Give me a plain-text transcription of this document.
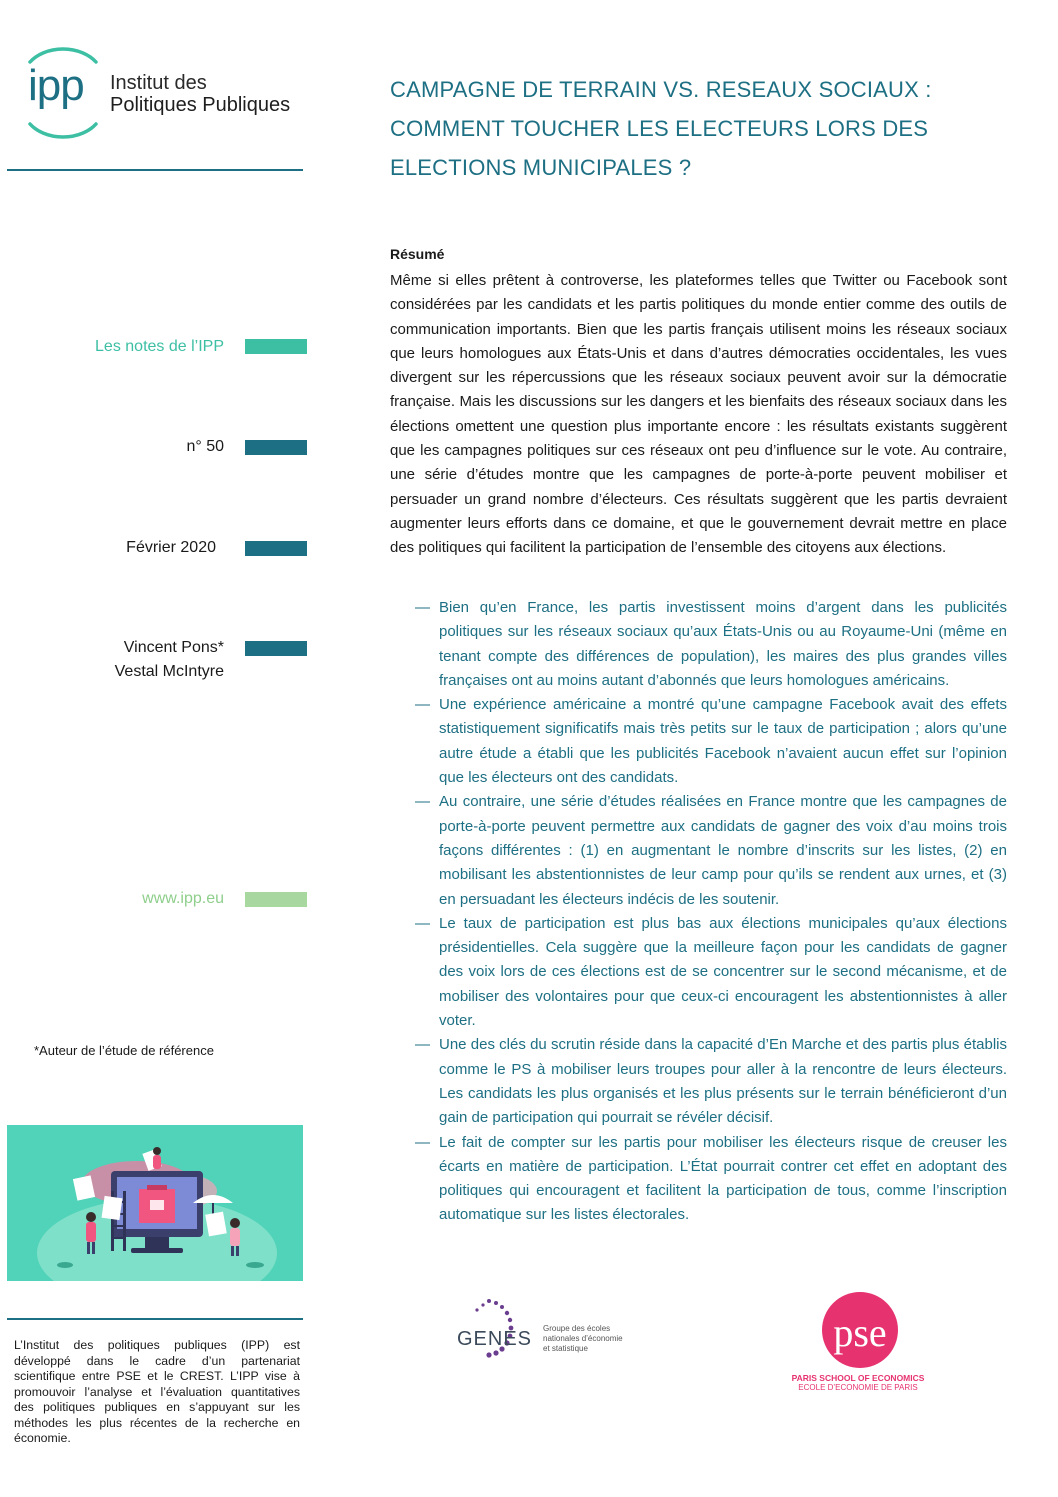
ipp Institut des
Politiques Publiques
CAMPAGNE DE TERRAIN VS. RESEAUX SOCIAUX :
COMMENT TOUCHER LES ELECTEURS LORS DES
ELECTIONS MUNICIPALES ?
Les notes de l’IPP
n° 50
Février 2020
Vincent Pons*
Vestal McIntyre
www.ipp.eu
*Auteur de l’étude de référence
L’Institut des politiques publiques (IPP) est développé dans le cadre d’un partenariat scientifique entre PSE et le CREST. L’IPP vise à promouvoir l’analyse et l’évaluation quantitatives des politiques publiques en s’appuyant sur les méthodes les plus récentes de la recherche en économie.
Résumé
Même si elles prêtent à controverse, les plateformes telles que Twitter ou Facebook sont considérées par les candidats et les partis politiques du monde entier comme des outils de communication importants. Bien que les partis français utilisent moins les réseaux sociaux que leurs homologues aux États-Unis et dans d’autres démocraties occidentales, les vues divergent sur les répercussions que les réseaux sociaux peuvent avoir sur la démocratie française. Mais les discussions sur les dangers et les bienfaits des réseaux sociaux dans les élections omettent une question plus importante encore : les résultats existants suggèrent que les campagnes politiques sur ces réseaux ont peu d’influence sur le vote. Au contraire, une série d’études montre que les campagnes de porte-à-porte peuvent mobiliser et persuader un grand nombre d’électeurs. Ces résultats suggèrent que les partis devraient augmenter leurs efforts dans ce domaine, et que le gouvernement devrait mettre en place des politiques qui facilitent la participation de l’ensemble des citoyens aux élections.
— Bien qu’en France, les partis investissent moins d’argent dans les publicités politiques sur les réseaux sociaux qu’aux États-Unis ou au Royaume-Uni (même en tenant compte des différences de population), les maires des plus grandes villes françaises ont au moins autant d’abonnés que leurs homologues américains.
— Une expérience américaine a montré qu’une campagne Facebook avait des effets statistiquement significatifs mais très petits sur le taux de participation ; alors qu’une autre étude a établi que les publicités Facebook n’avaient aucun effet sur l’opinion que les électeurs ont des candidats.
— Au contraire, une série d’études réalisées en France montre que les campagnes de porte-à-porte peuvent permettre aux candidats de gagner des voix d’au moins trois façons différentes : (1) en augmentant le nombre d’inscrits sur les listes, (2) en mobilisant les abstentionnistes de leur camp pour qu’ils se rendent aux urnes, et (3) en persuadant les électeurs indécis de les soutenir.
— Le taux de participation est plus bas aux élections municipales qu’aux élections présidentielles. Cela suggère que la meilleure façon pour les candidats de gagner des voix lors de ces élections est de se concentrer sur le second mécanisme, et de mobiliser des volontaires pour que ceux-ci encouragent les abstentionnistes à aller voter.
— Une des clés du scrutin réside dans la capacité d’En Marche et des partis plus établis comme le PS à mobiliser leurs troupes pour aller à la rencontre de leurs électeurs. Les candidats les plus organisés et les plus présents sur le terrain bénéficieront d’un gain de participation qui pourrait se révéler décisif.
— Le fait de compter sur les partis pour mobiliser les électeurs risque de creuser les écarts en matière de participation. L’État pourrait contrer cet effet en adoptant des politiques qui encouragent et facilitent la participation de tous, comme l’inscription automatique sur les listes électorales.
GENES Groupe des écoles
nationales d’économie
et statistique	pse
PARIS SCHOOL OF ECONOMICS
ECOLE D’ECONOMIE DE PARIS
